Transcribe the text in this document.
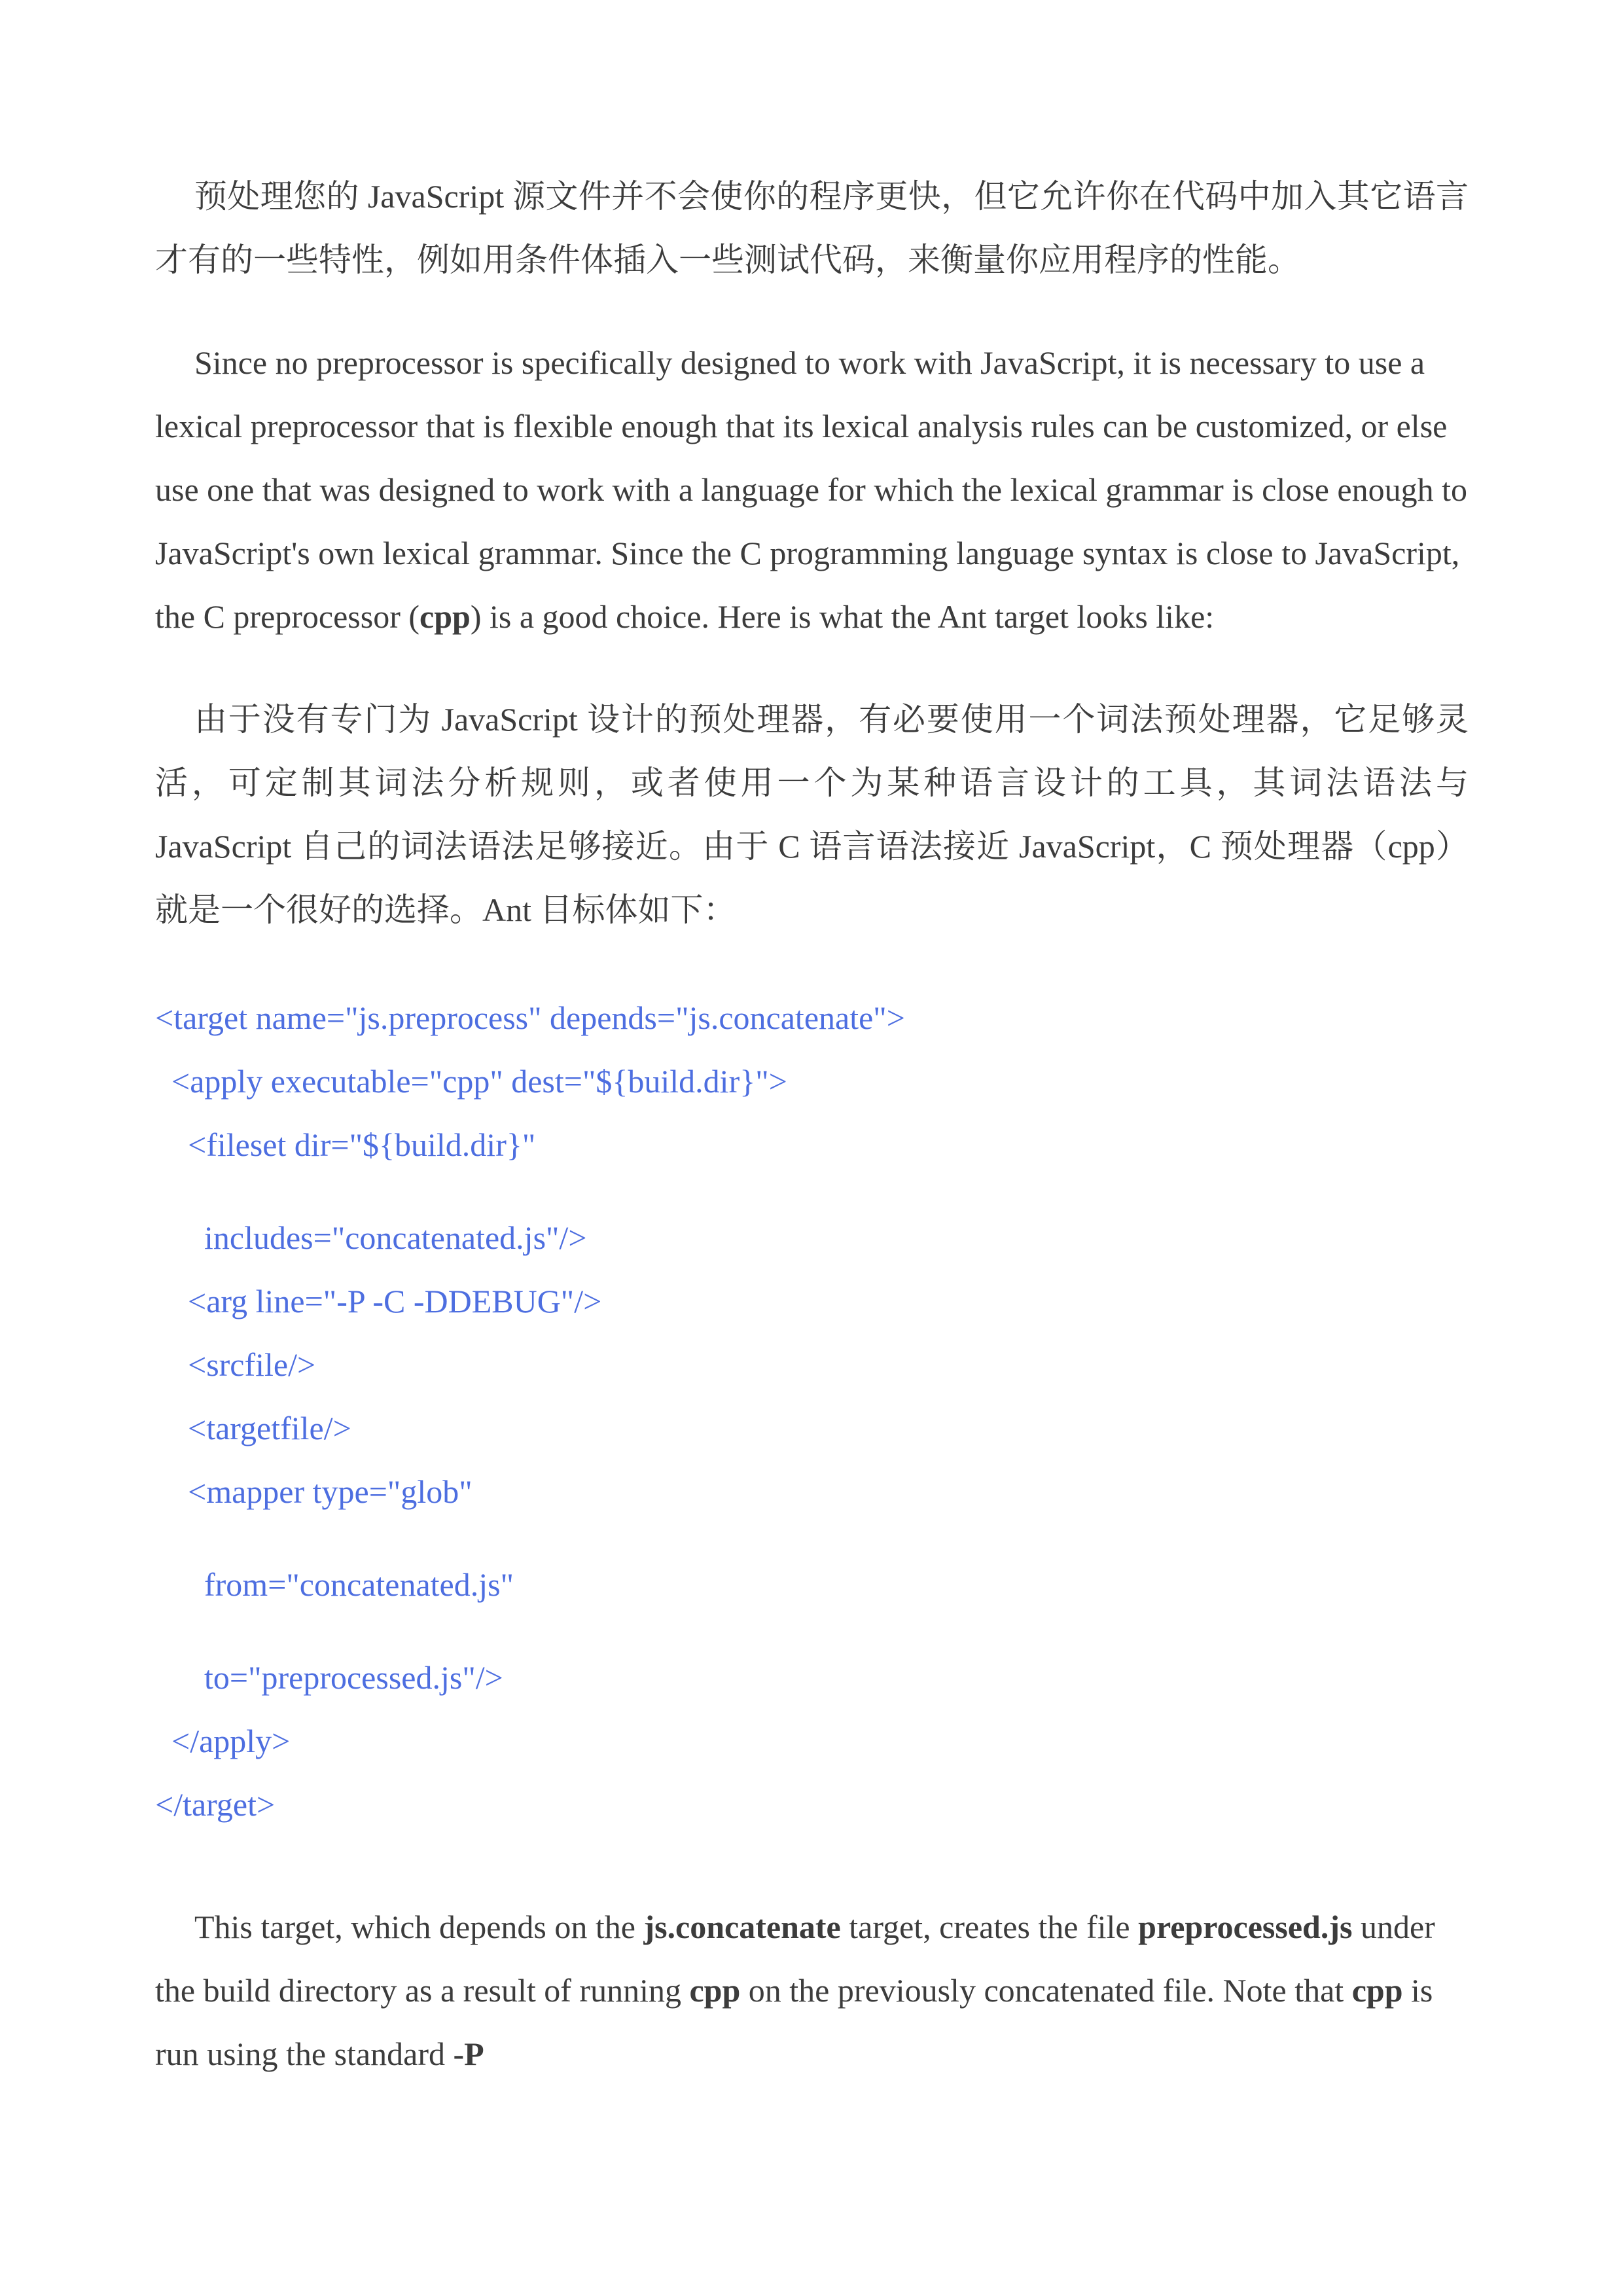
预处理您的 JavaScript 源文件并不会使你的程序更快，但它允许你在代码中加入其它语言才有的一些特性，例如用条件体插入一些测试代码，来衡量你应用程序的性能。

Since no preprocessor is specifically designed to work with JavaScript, it is necessary to use a lexical preprocessor that is flexible enough that its lexical analysis rules can be customized, or else use one that was designed to work with a language for which the lexical grammar is close enough to JavaScript's own lexical grammar. Since the C programming language syntax is close to JavaScript, the C preprocessor (cpp) is a good choice. Here is what the Ant target looks like:

由于没有专门为 JavaScript 设计的预处理器，有必要使用一个词法预处理器，它足够灵活，可定制其词法分析规则，或者使用一个为某种语言设计的工具，其词法语法与 JavaScript 自己的词法语法足够接近。由于 C 语言语法接近 JavaScript，C 预处理器（cpp）就是一个很好的选择。Ant 目标体如下：

<target name="js.preprocess" depends="js.concatenate">
<apply executable="cpp" dest="${build.dir}">
<fileset dir="${build.dir}"
includes="concatenated.js"/>
<arg line="-P -C -DDEBUG"/>
<srcfile/>
<targetfile/>
<mapper type="glob"
from="concatenated.js"
to="preprocessed.js"/>
</apply>
</target>

This target, which depends on the js.concatenate target, creates the file preprocessed.js under the build directory as a result of running cpp on the previously concatenated file. Note that cpp is run using the standard -P
